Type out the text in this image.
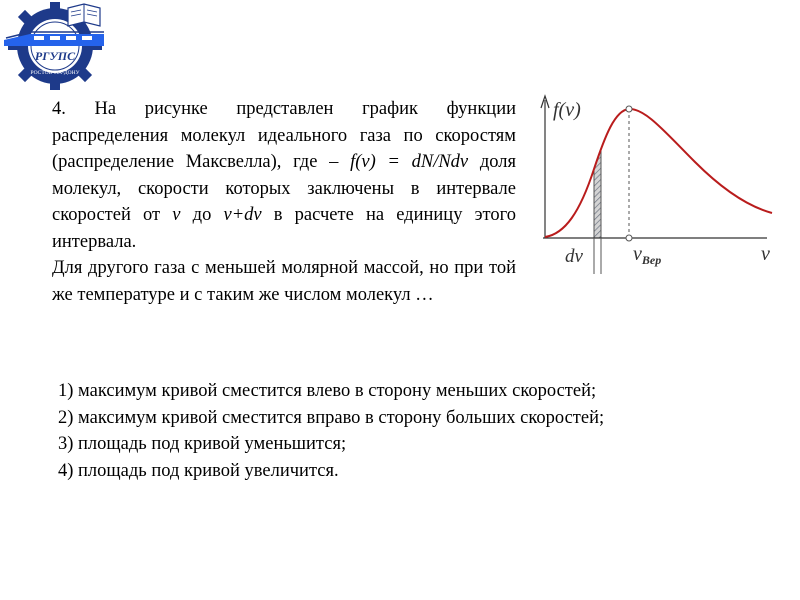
РГУПС
РОСТОВ-НА-ДОНУ

4. На рисунке представлен график функции распределения молекул идеального газа по скоростям (распределение Максвелла), где – f(v) = dN/Ndv доля молекул, скорости которых заключены в интервале скоростей от v до v+dv в расчете на единицу этого интервала.

Для другого газа с меньшей молярной массой, но при той же температуре и с таким же числом молекул …

f(v)
v
dv	$v_{Вер}$
1) максимум кривой сместится влево в сторону меньших скоростей;
2) максимум кривой сместится вправо в сторону больших скоростей;
3) площадь под кривой уменьшится;
4) площадь под кривой увеличится.
